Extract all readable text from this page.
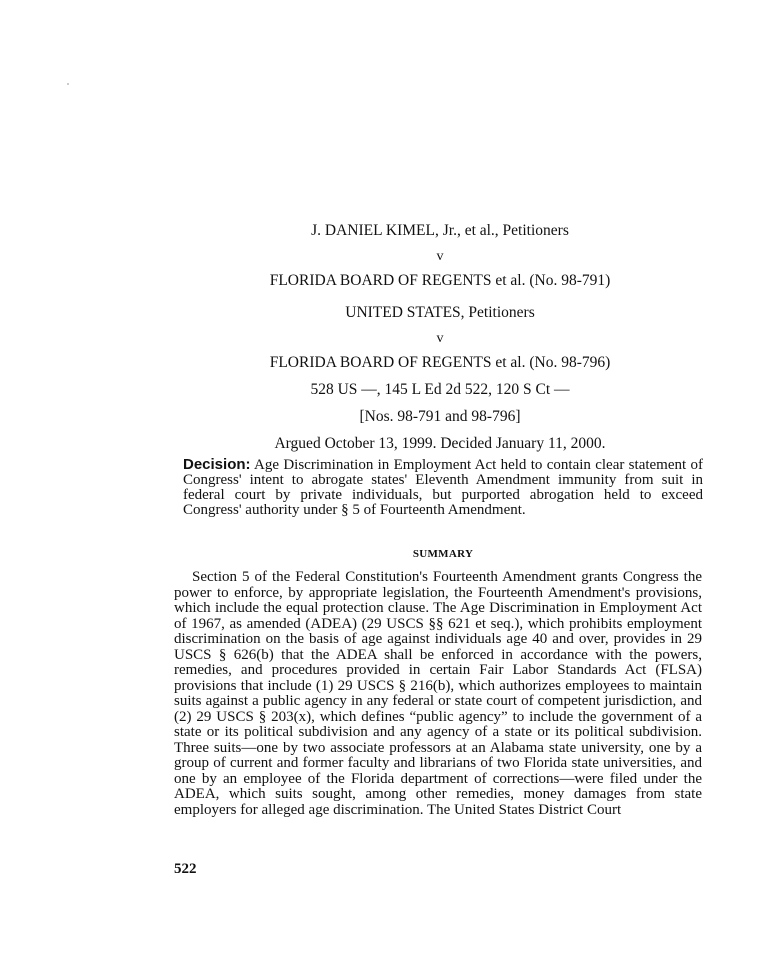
J. DANIEL KIMEL, Jr., et al., Petitioners
v
FLORIDA BOARD OF REGENTS et al. (No. 98-791)
UNITED STATES, Petitioners
v
FLORIDA BOARD OF REGENTS et al. (No. 98-796)
528 US —, 145 L Ed 2d 522, 120 S Ct —
[Nos. 98-791 and 98-796]
Argued October 13, 1999. Decided January 11, 2000.
Decision: Age Discrimination in Employment Act held to contain clear statement of Congress' intent to abrogate states' Eleventh Amendment immunity from suit in federal court by private individuals, but purported abrogation held to exceed Congress' authority under § 5 of Fourteenth Amendment.
SUMMARY
Section 5 of the Federal Constitution's Fourteenth Amendment grants Congress the power to enforce, by appropriate legislation, the Fourteenth Amendment's provisions, which include the equal protection clause. The Age Discrimination in Employment Act of 1967, as amended (ADEA) (29 USCS §§ 621 et seq.), which prohibits employment discrimination on the basis of age against individuals age 40 and over, provides in 29 USCS § 626(b) that the ADEA shall be enforced in accordance with the powers, remedies, and procedures provided in certain Fair Labor Standards Act (FLSA) provisions that include (1) 29 USCS § 216(b), which authorizes employees to maintain suits against a public agency in any federal or state court of competent jurisdiction, and (2) 29 USCS § 203(x), which defines “public agency” to include the government of a state or its political subdivision and any agency of a state or its political subdivision. Three suits—one by two associate professors at an Alabama state university, one by a group of current and former faculty and librarians of two Florida state universities, and one by an employee of the Florida department of corrections—were filed under the ADEA, which suits sought, among other remedies, money damages from state employers for alleged age discrimination. The United States District Court
522
